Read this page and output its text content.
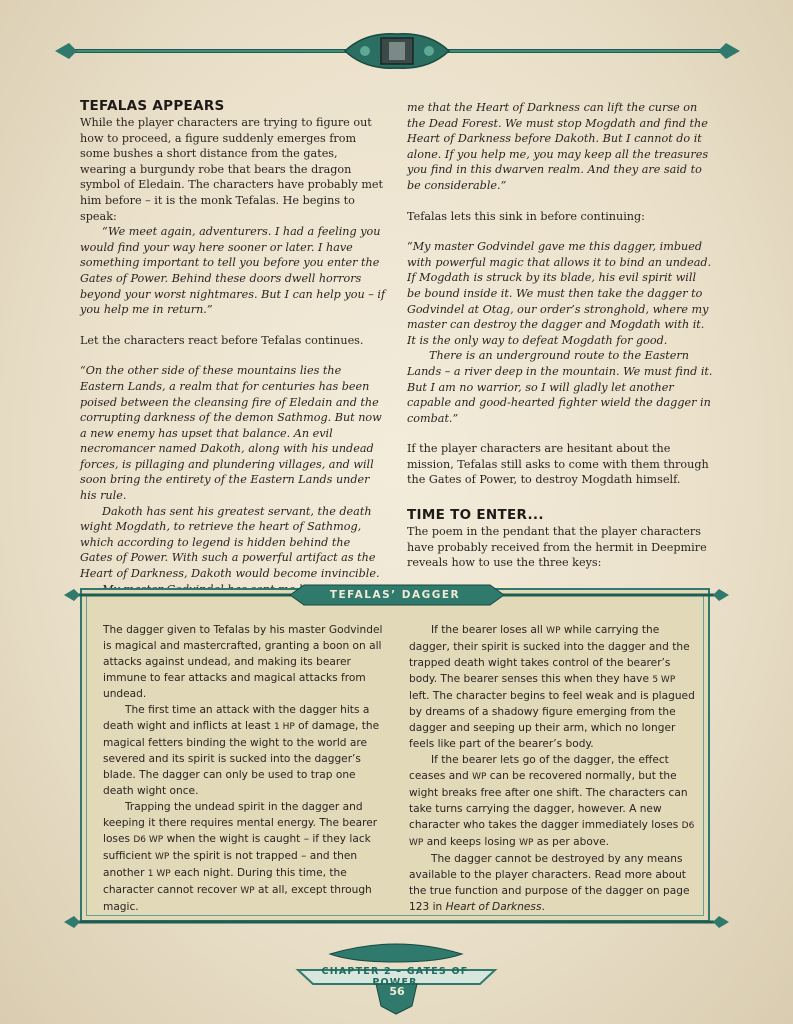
TEFALAS APPEARS

While the player characters are trying to figure out how to proceed, a figure suddenly emerges from some bushes a short distance from the gates, wearing a burgundy robe that bears the dragon symbol of Eledain. The characters have probably met him before – it is the monk Tefalas. He begins to speak:

“We meet again, adventurers. I had a feeling you would find your way here sooner or later. I have something important to tell you before you enter the Gates of Power. Behind these doors dwell horrors beyond your worst nightmares. But I can help you – if you help me in return.”

Let the characters react before Tefalas continues.

“On the other side of these mountains lies the Eastern Lands, a realm that for centuries has been poised between the cleansing fire of Eledain and the corrupting darkness of the demon Sathmog. But now a new enemy has upset that balance. An evil necromancer named Dakoth, along with his undead forces, is pillaging and plundering villages, and will soon bring the entirety of the Eastern Lands under his rule.

Dakoth has sent his greatest servant, the death wight Mogdath, to retrieve the heart of Sathmog, which according to legend is hidden behind the Gates of Power. With such a powerful artifact as the Heart of Darkness, Dakoth would become invincible.

me that the Heart of Darkness can lift the curse on the Dead Forest. We must stop Mogdath and find the Heart of Darkness before Dakoth. But I cannot do it alone. If you help me, you may keep all the treasures you find in this dwarven realm. And they are said to be considerable.”

Tefalas lets this sink in before continuing:

“My master Godvindel gave me this dagger, imbued with powerful magic that allows it to bind an undead. If Mogdath is struck by its blade, his evil spirit will be bound inside it. We must then take the dagger to Godvindel at Otag, our order’s stronghold, where my master can destroy the dagger and Mogdath with it. It is the only way to defeat Mogdath for good.

There is an underground route to the Eastern Lands – a river deep in the mountain. We must find it. But I am no warrior, so I will gladly let another capable and good-hearted fighter wield the dagger in combat.”

If the player characters are hesitant about the mission, Tefalas still asks to come with them through the Gates of Power, to destroy Mogdath himself.

TIME TO ENTER...

The poem in the pendant that the player characters have probably received from the hermit in Deepmire reveals how to use the three keys:

TEFALAS’ DAGGER

The dagger given to Tefalas by his master Godvindel is magical and mastercrafted, granting a boon on all attacks against undead, and making its bearer immune to fear attacks and magical attacks from undead.

The first time an attack with the dagger hits a death wight and inflicts at least 1 HP of damage, the magical fetters binding the wight to the world are severed and its spirit is sucked into the dagger’s blade. The dagger can only be used to trap one death wight once.

Trapping the undead spirit in the dagger and keeping it there requires mental energy. The bearer loses D6 WP when the wight is caught – if they lack sufficient WP the spirit is not trapped – and then another 1 WP each night. During this time, the character cannot recover WP at all, except through magic.

If the bearer loses all WP while carrying the dagger, their spirit is sucked into the dagger and the trapped death wight takes control of the bearer’s body. The bearer senses this when they have 5 WP left. The character begins to feel weak and is plagued by dreams of a shadowy figure emerging from the dagger and seeping up their arm, which no longer feels like part of the bearer’s body.

If the bearer lets go of the dagger, the effect ceases and WP can be recovered normally, but the wight breaks free after one shift. The characters can take turns carrying the dagger, however. A new character who takes the dagger immediately loses D6 WP and keeps losing WP as per above.

The dagger cannot be destroyed by any means available to the player characters. Read more about the true function and purpose of the dagger on page 123 in Heart of Darkness.

CHAPTER 2 – GATES OF POWER
56
